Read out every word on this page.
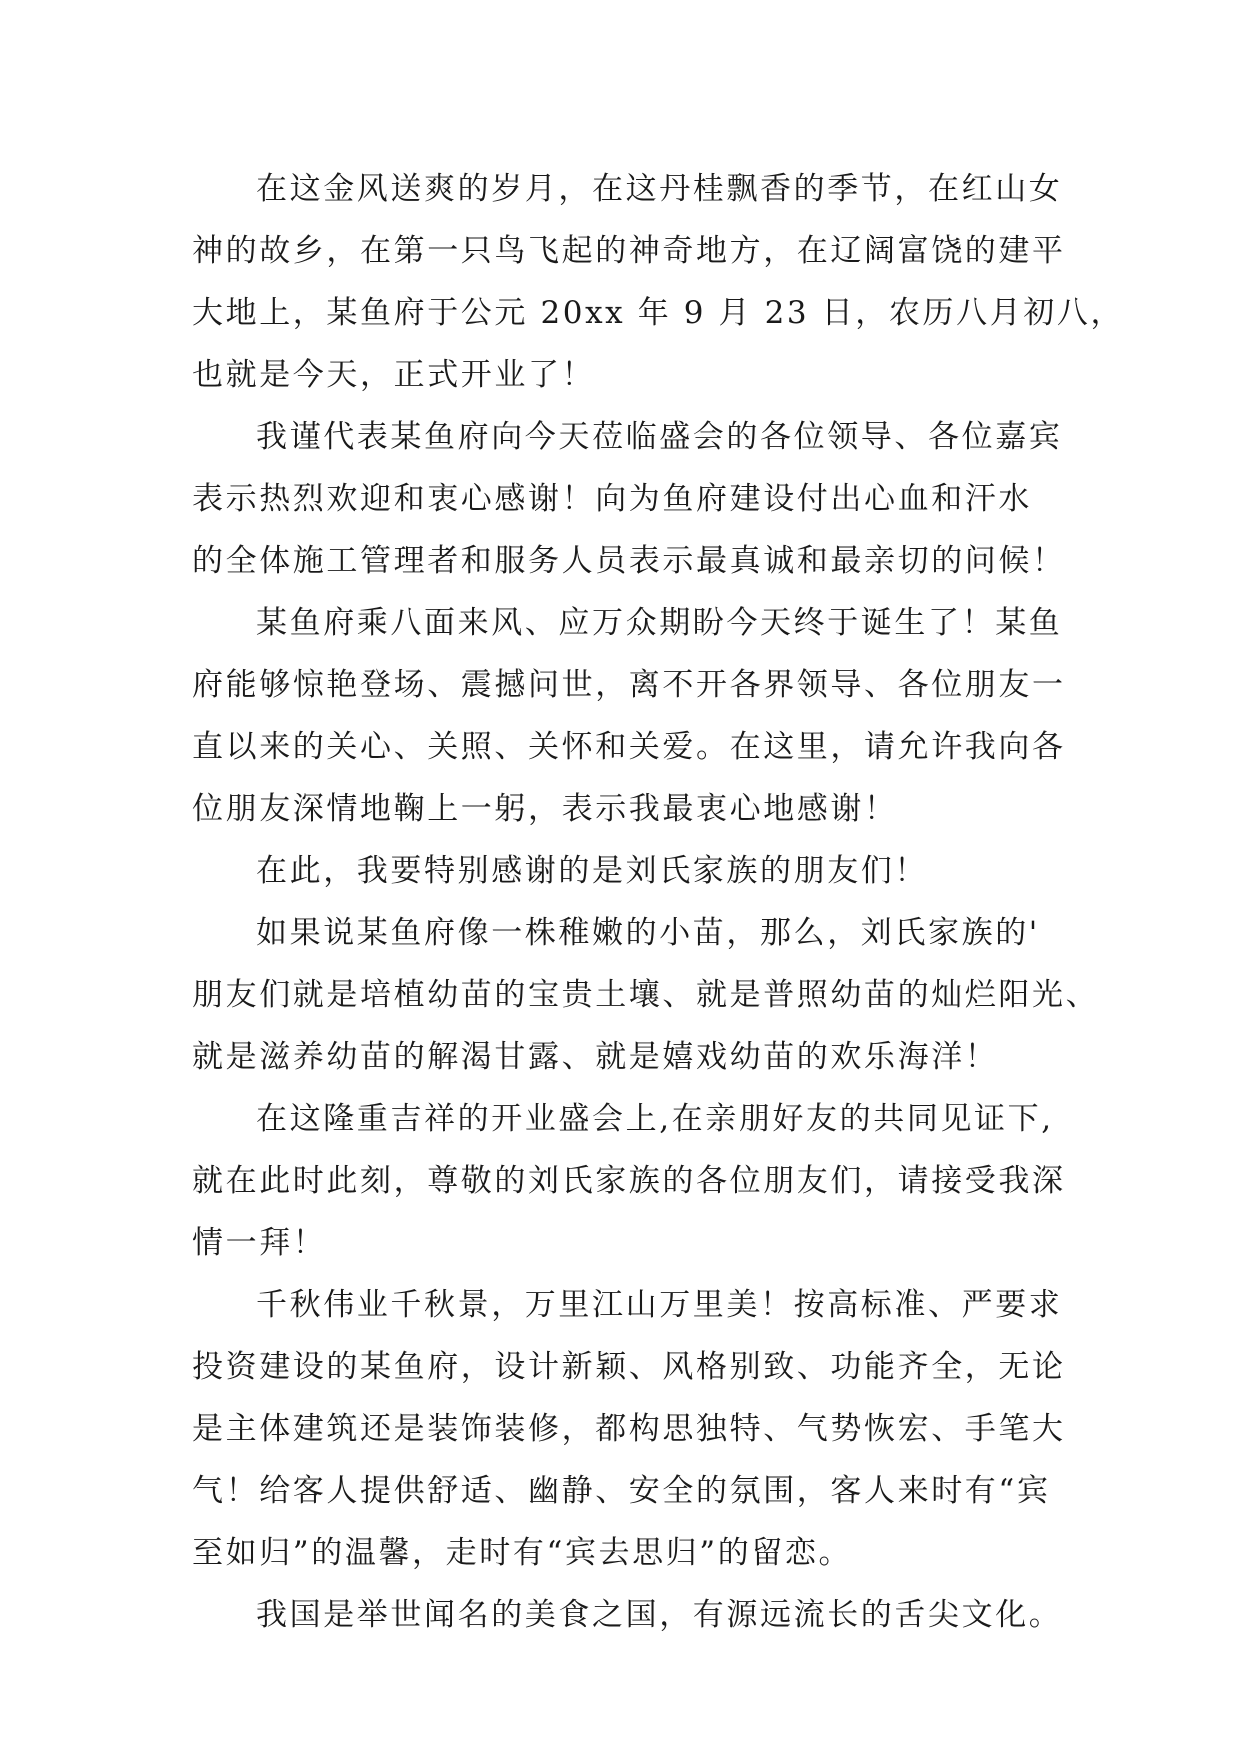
在这金风送爽的岁月，在这丹桂飘香的季节，在红山女
神的故乡，在第一只鸟飞起的神奇地方，在辽阔富饶的建平
大地上，某鱼府于公元 20xx 年 9 月 23 日，农历八月初八，
也就是今天，正式开业了！
我谨代表某鱼府向今天莅临盛会的各位领导、各位嘉宾
表示热烈欢迎和衷心感谢！向为鱼府建设付出心血和汗水
的全体施工管理者和服务人员表示最真诚和最亲切的问候！
某鱼府乘八面来风、应万众期盼今天终于诞生了！某鱼
府能够惊艳登场、震撼问世，离不开各界领导、各位朋友一
直以来的关心、关照、关怀和关爱。在这里，请允许我向各
位朋友深情地鞠上一躬，表示我最衷心地感谢！
在此，我要特别感谢的是刘氏家族的朋友们！
如果说某鱼府像一株稚嫩的小苗，那么，刘氏家族的'
朋友们就是培植幼苗的宝贵土壤、就是普照幼苗的灿烂阳光、
就是滋养幼苗的解渴甘露、就是嬉戏幼苗的欢乐海洋！
在这隆重吉祥的开业盛会上,在亲朋好友的共同见证下,
就在此时此刻，尊敬的刘氏家族的各位朋友们，请接受我深
情一拜！
千秋伟业千秋景，万里江山万里美！按高标准、严要求
投资建设的某鱼府，设计新颖、风格别致、功能齐全，无论
是主体建筑还是装饰装修，都构思独特、气势恢宏、手笔大
气！给客人提供舒适、幽静、安全的氛围，客人来时有“宾
至如归”的温馨，走时有“宾去思归”的留恋。
我国是举世闻名的美食之国，有源远流长的舌尖文化。
